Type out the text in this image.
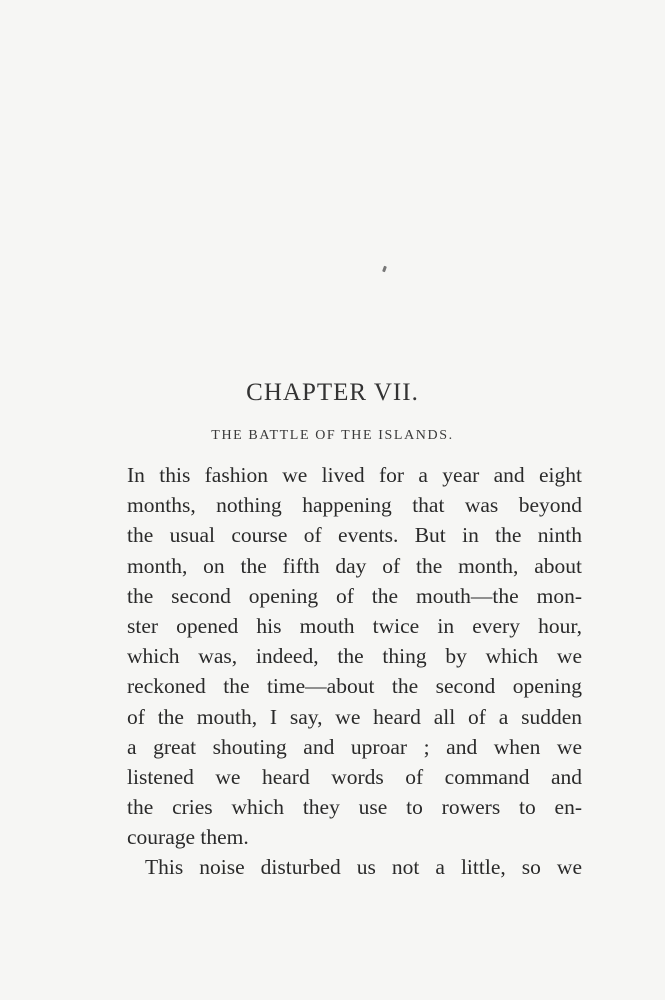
CHAPTER VII.
THE BATTLE OF THE ISLANDS.
In this fashion we lived for a year and eight
months, nothing happening that was beyond
the usual course of events. But in the ninth
month, on the fifth day of the month, about
the second opening of the mouth—the mon-
ster opened his mouth twice in every hour,
which was, indeed, the thing by which we
reckoned the time—about the second opening
of the mouth, I say, we heard all of a sudden
a great shouting and uproar ; and when we
listened we heard words of command and
the cries which they use to rowers to en-
courage them.
This noise disturbed us not a little, so we
